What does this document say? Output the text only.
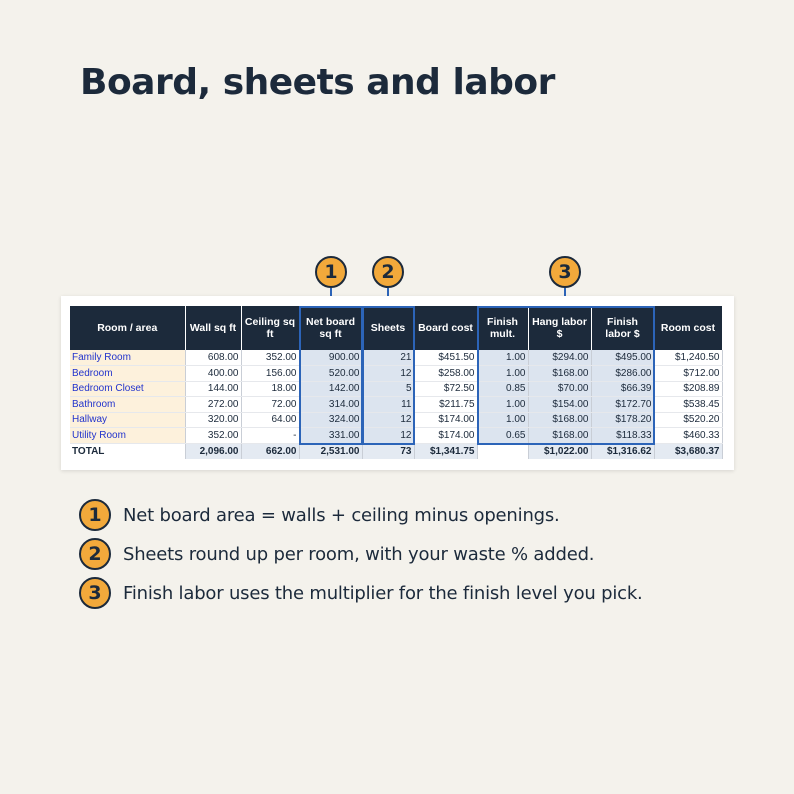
Board, sheets and labor
1 2	3
Room / area	Wall sq ft	Ceiling sq ft	Net board sq ft	Sheets	Board cost	Finish mult.	Hang labor $	Finish labor $	Room cost
Family Room	608.00	352.00	900.00	21	$451.50	1.00	$294.00	$495.00	$1,240.50
Bedroom	400.00	156.00	520.00	12	$258.00	1.00	$168.00	$286.00	$712.00
Bedroom Closet	144.00	18.00	142.00	5	$72.50	0.85	$70.00	$66.39	$208.89
Bathroom	272.00	72.00	314.00	11	$211.75	1.00	$154.00	$172.70	$538.45
Hallway	320.00	64.00	324.00	12	$174.00	1.00	$168.00	$178.20	$520.20
Utility Room	352.00	-	331.00	12	$174.00	0.65	$168.00	$118.33	$460.33
TOTAL	2,096.00	662.00	2,531.00	73	$1,341.75		$1,022.00	$1,316.62	$3,680.37
1	Net board area = walls + ceiling minus openings.
2	Sheets round up per room, with your waste % added.
3	Finish labor uses the multiplier for the finish level you pick.
